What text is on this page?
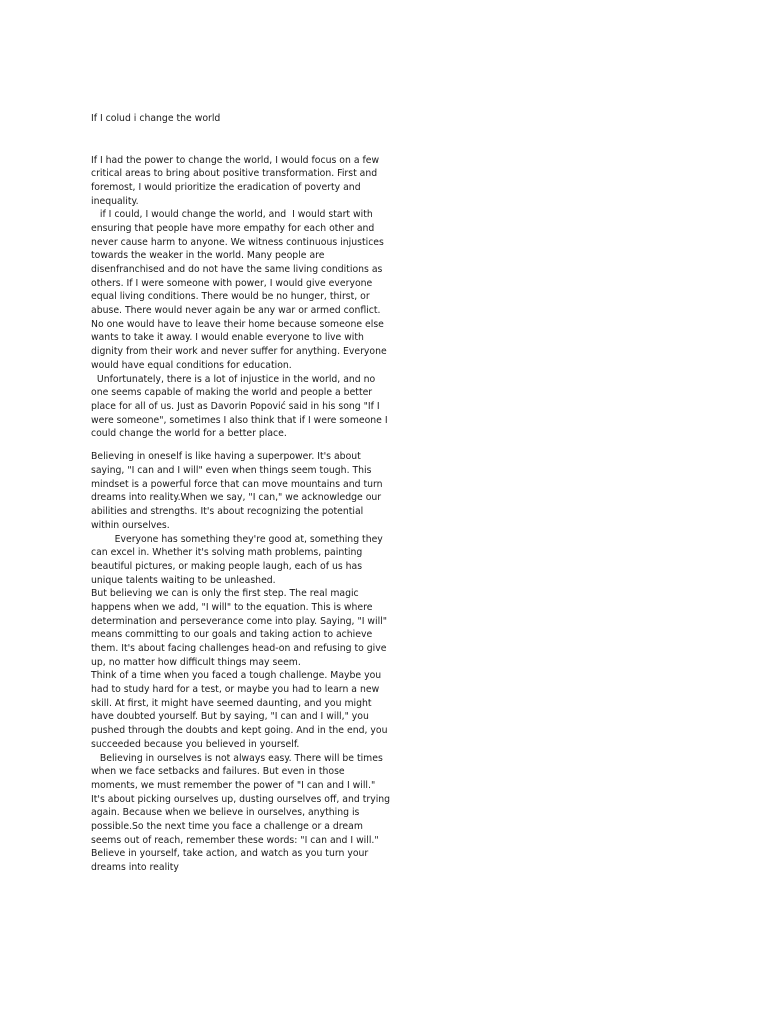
If I colud i change the world

If I had the power to change the world, I would focus on a few
critical areas to bring about positive transformation. First and
foremost, I would prioritize the eradication of poverty and
inequality.
if I could, I would change the world, and  I would start with
ensuring that people have more empathy for each other and
never cause harm to anyone. We witness continuous injustices
towards the weaker in the world. Many people are
disenfranchised and do not have the same living conditions as
others. If I were someone with power, I would give everyone
equal living conditions. There would be no hunger, thirst, or
abuse. There would never again be any war or armed conflict.
No one would have to leave their home because someone else
wants to take it away. I would enable everyone to live with
dignity from their work and never suffer for anything. Everyone
would have equal conditions for education.
Unfortunately, there is a lot of injustice in the world, and no
one seems capable of making the world and people a better
place for all of us. Just as Davorin Popović said in his song "If I
were someone", sometimes I also think that if I were someone I
could change the world for a better place.

Believing in oneself is like having a superpower. It's about
saying, "I can and I will" even when things seem tough. This
mindset is a powerful force that can move mountains and turn
dreams into reality.When we say, "I can," we acknowledge our
abilities and strengths. It's about recognizing the potential
within ourselves.
Everyone has something they're good at, something they
can excel in. Whether it's solving math problems, painting
beautiful pictures, or making people laugh, each of us has
unique talents waiting to be unleashed.
But believing we can is only the first step. The real magic
happens when we add, "I will" to the equation. This is where
determination and perseverance come into play. Saying, "I will"
means committing to our goals and taking action to achieve
them. It's about facing challenges head-on and refusing to give
up, no matter how difficult things may seem.
Think of a time when you faced a tough challenge. Maybe you
had to study hard for a test, or maybe you had to learn a new
skill. At first, it might have seemed daunting, and you might
have doubted yourself. But by saying, "I can and I will," you
pushed through the doubts and kept going. And in the end, you
succeeded because you believed in yourself.
Believing in ourselves is not always easy. There will be times
when we face setbacks and failures. But even in those
moments, we must remember the power of "I can and I will."
It's about picking ourselves up, dusting ourselves off, and trying
again. Because when we believe in ourselves, anything is
possible.So the next time you face a challenge or a dream
seems out of reach, remember these words: "I can and I will."
Believe in yourself, take action, and watch as you turn your
dreams into reality
